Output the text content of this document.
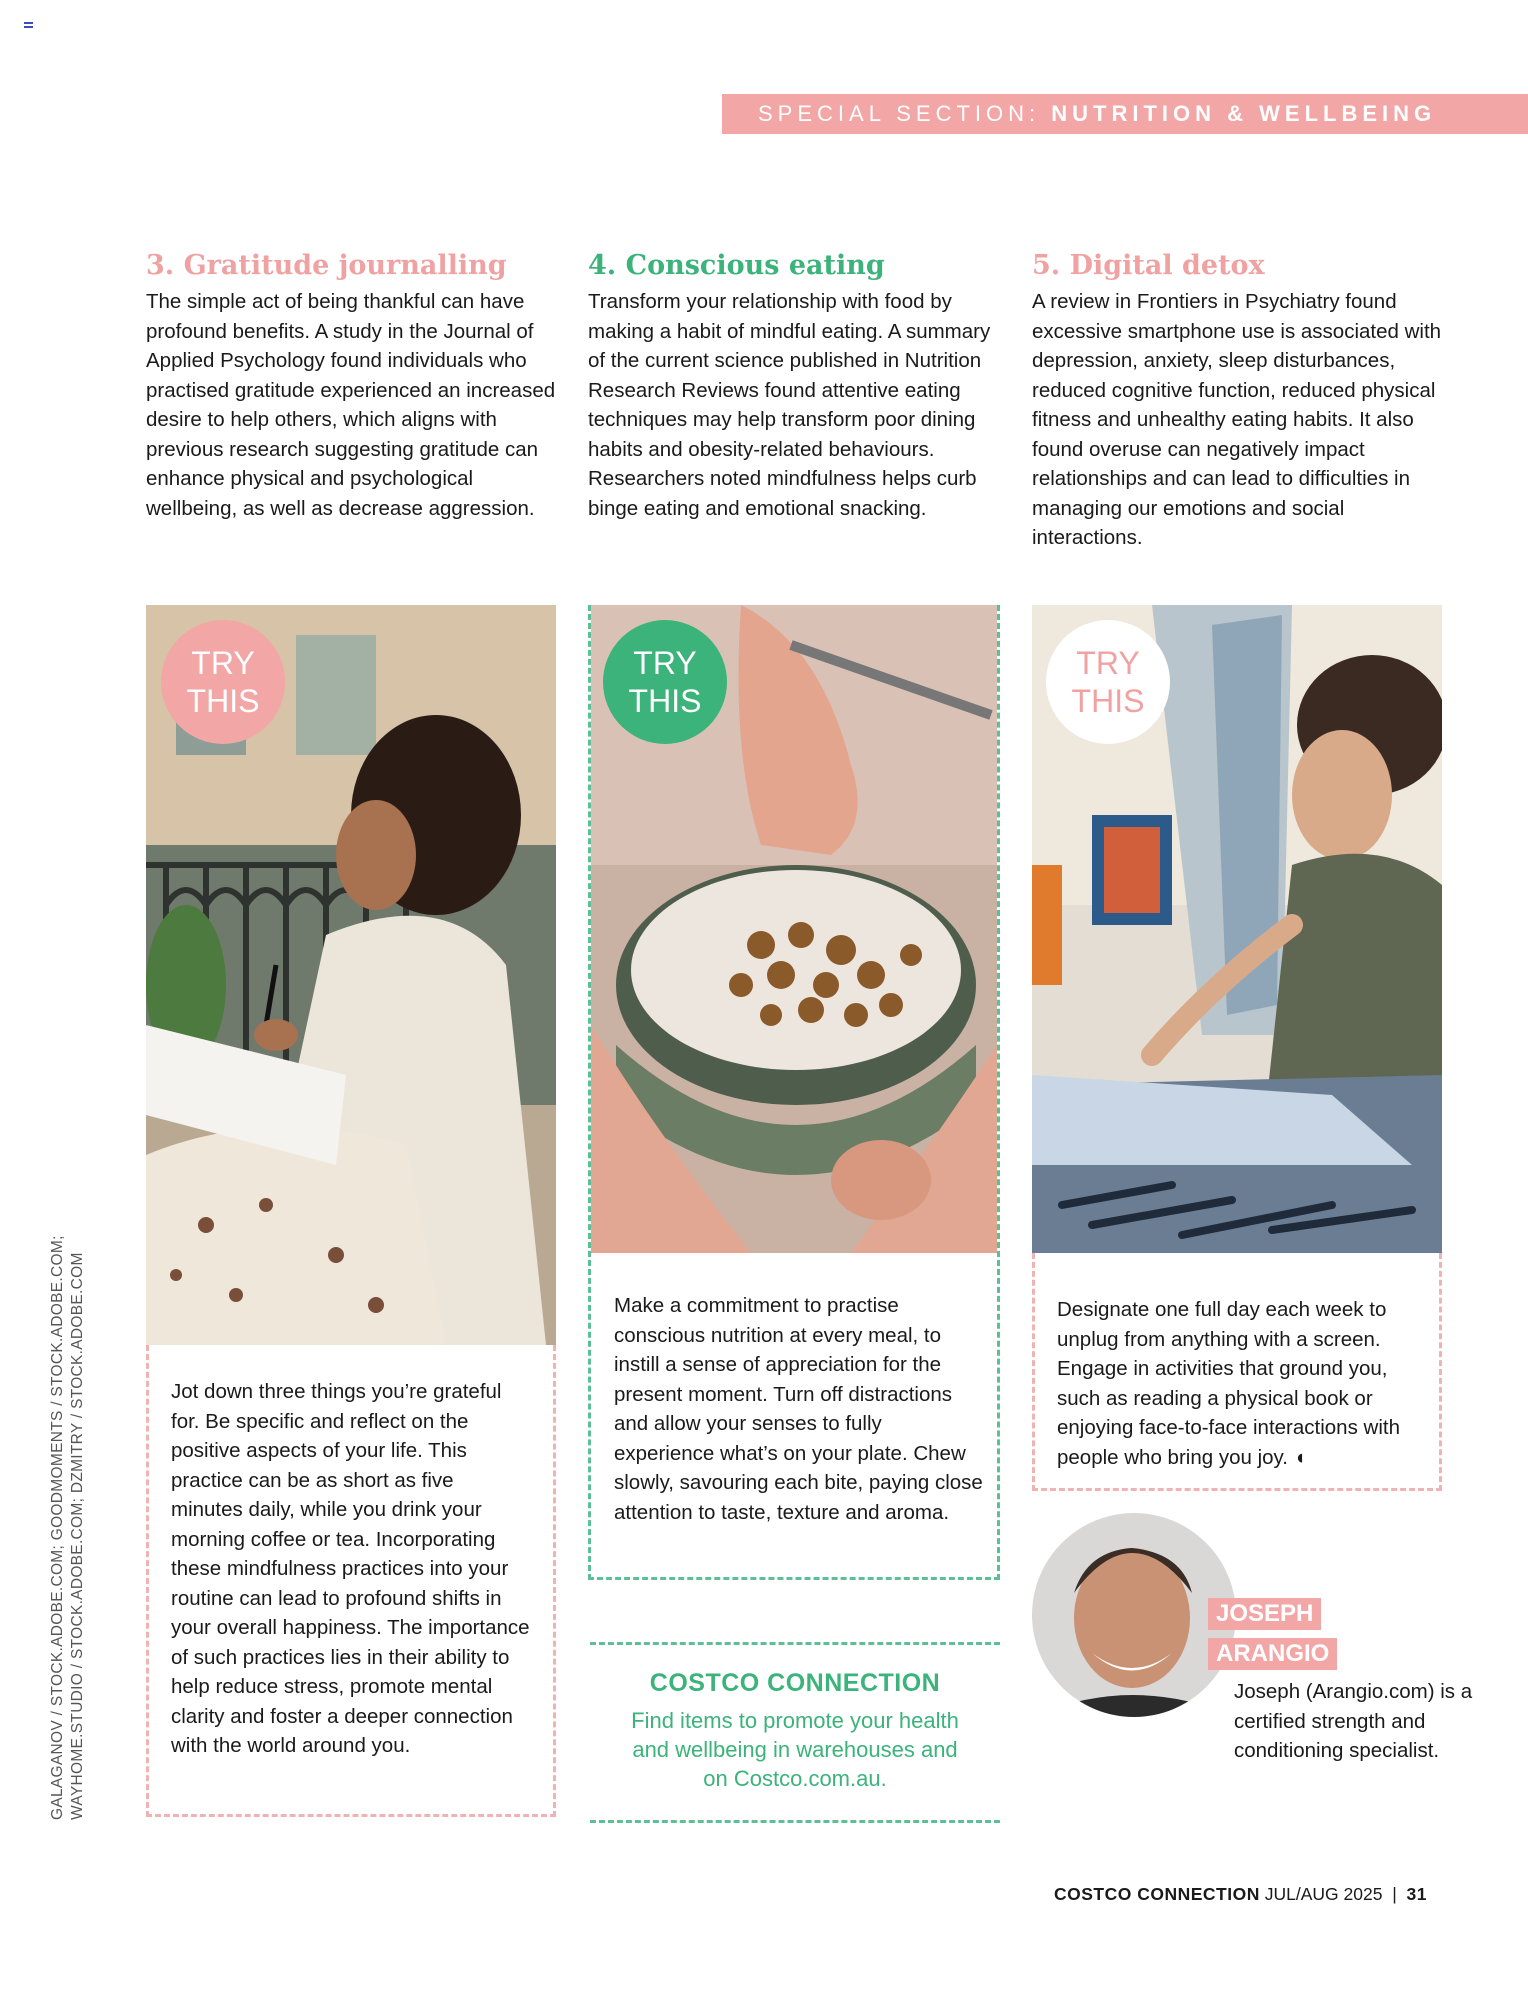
SPECIAL SECTION: NUTRITION & WELLBEING
3. Gratitude journalling

The simple act of being thankful can have profound benefits. A study in the Journal of Applied Psychology found individuals who practised gratitude experienced an increased desire to help others, which aligns with previous research suggesting gratitude can enhance physical and psychological wellbeing, as well as decrease aggression.

4. Conscious eating

Transform your relationship with food by making a habit of mindful eating. A summary of the current science published in Nutrition Research Reviews found attentive eating techniques may help transform poor dining habits and obesity-related behaviours. Researchers noted mindfulness helps curb binge eating and emotional snacking.

5. Digital detox

A review in Frontiers in Psychiatry found excessive smartphone use is associated with depression, anxiety, sleep disturbances, reduced cognitive function, reduced physical fitness and unhealthy eating habits. It also found overuse can negatively impact relationships and can lead to difficulties in managing our emotions and social interactions.

TRY
THIS

Jot down three things you’re grateful for. Be specific and reflect on the positive aspects of your life. This practice can be as short as five minutes daily, while you drink your morning coffee or tea. Incorporating these mindfulness practices into your routine can lead to profound shifts in your overall happiness. The importance of such practices lies in their ability to help reduce stress, promote mental clarity and foster a deeper connection with the world around you.

TRY
THIS

Make a commitment to practise conscious nutrition at every meal, to instill a sense of appreciation for the present moment. Turn off distractions and allow your senses to fully experience what’s on your plate. Chew slowly, savouring each bite, paying close attention to taste, texture and aroma.

TRY
THIS

Designate one full day each week to unplug from anything with a screen. Engage in activities that ground you, such as reading a physical book or enjoying face-to-face interactions with people who bring you joy. ◖

COSTCO CONNECTION

Find items to promote your health and wellbeing in warehouses and on Costco.com.au.

JOSEPH
ARANGIO
Joseph (Arangio.com) is a certified strength and conditioning specialist.
GALAGANOV / STOCK.ADOBE.COM; GOODMOMENTS / STOCK.ADOBE.COM; WAYHOME.STUDIO / STOCK.ADOBE.COM; DZMITRY / STOCK.ADOBE.COM
COSTCO CONNECTION JUL/AUG 2025 | 31
